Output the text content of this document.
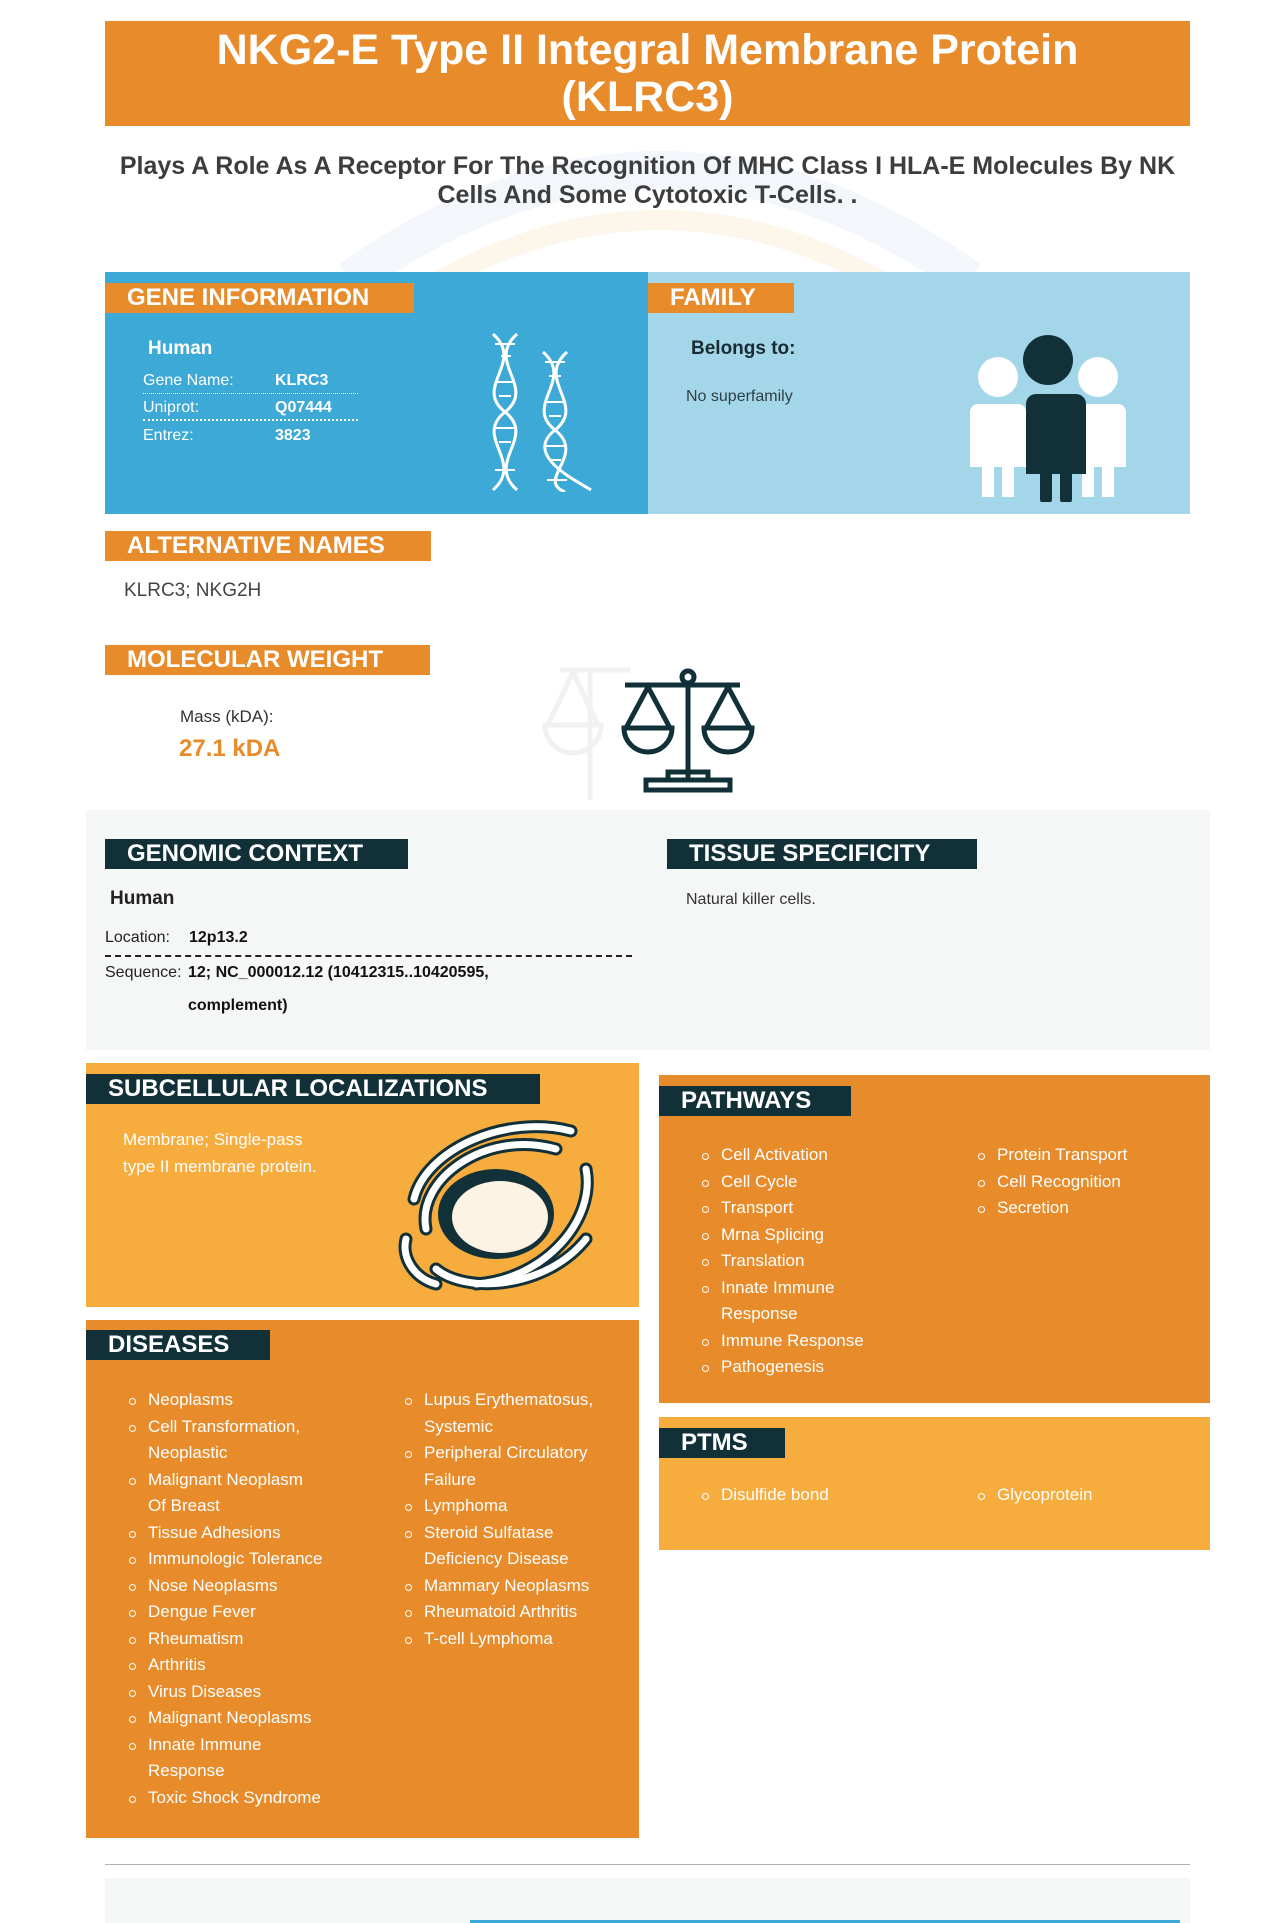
NKG2-E Type II Integral Membrane Protein (KLRC3)
Plays A Role As A Receptor For The Recognition Of MHC Class I HLA-E Molecules By NK Cells And Some Cytotoxic T-Cells. .
GENE INFORMATION
Human
Gene Name:	KLRC3
Uniprot:	Q07444
Entrez:	3823
FAMILY
Belongs to:
No superfamily
ALTERNATIVE NAMES
KLRC3; NKG2H
MOLECULAR WEIGHT
Mass (kDA):
27.1 kDA
GENOMIC CONTEXT
Human
Location: 12p13.2
Sequence: 12; NC_000012.12 (10412315..10420595,
complement)
TISSUE SPECIFICITY
Natural killer cells.
SUBCELLULAR LOCALIZATIONS
Membrane; Single-pass
type II membrane protein.
DISEASES
Neoplasms
Cell Transformation, Neoplastic
Malignant Neoplasm Of Breast
Tissue Adhesions
Immunologic Tolerance
Nose Neoplasms
Dengue Fever
Rheumatism
Arthritis
Virus Diseases
Malignant Neoplasms
Innate Immune Response
Toxic Shock Syndrome
Lupus Erythematosus, Systemic
Peripheral Circulatory Failure
Lymphoma
Steroid Sulfatase Deficiency Disease
Mammary Neoplasms
Rheumatoid Arthritis
T-cell Lymphoma
PATHWAYS
Cell Activation
Cell Cycle
Transport
Mrna Splicing
Translation
Innate Immune Response
Immune Response
Pathogenesis
Protein Transport
Cell Recognition
Secretion
PTMS
Disulfide bond	Glycoprotein
